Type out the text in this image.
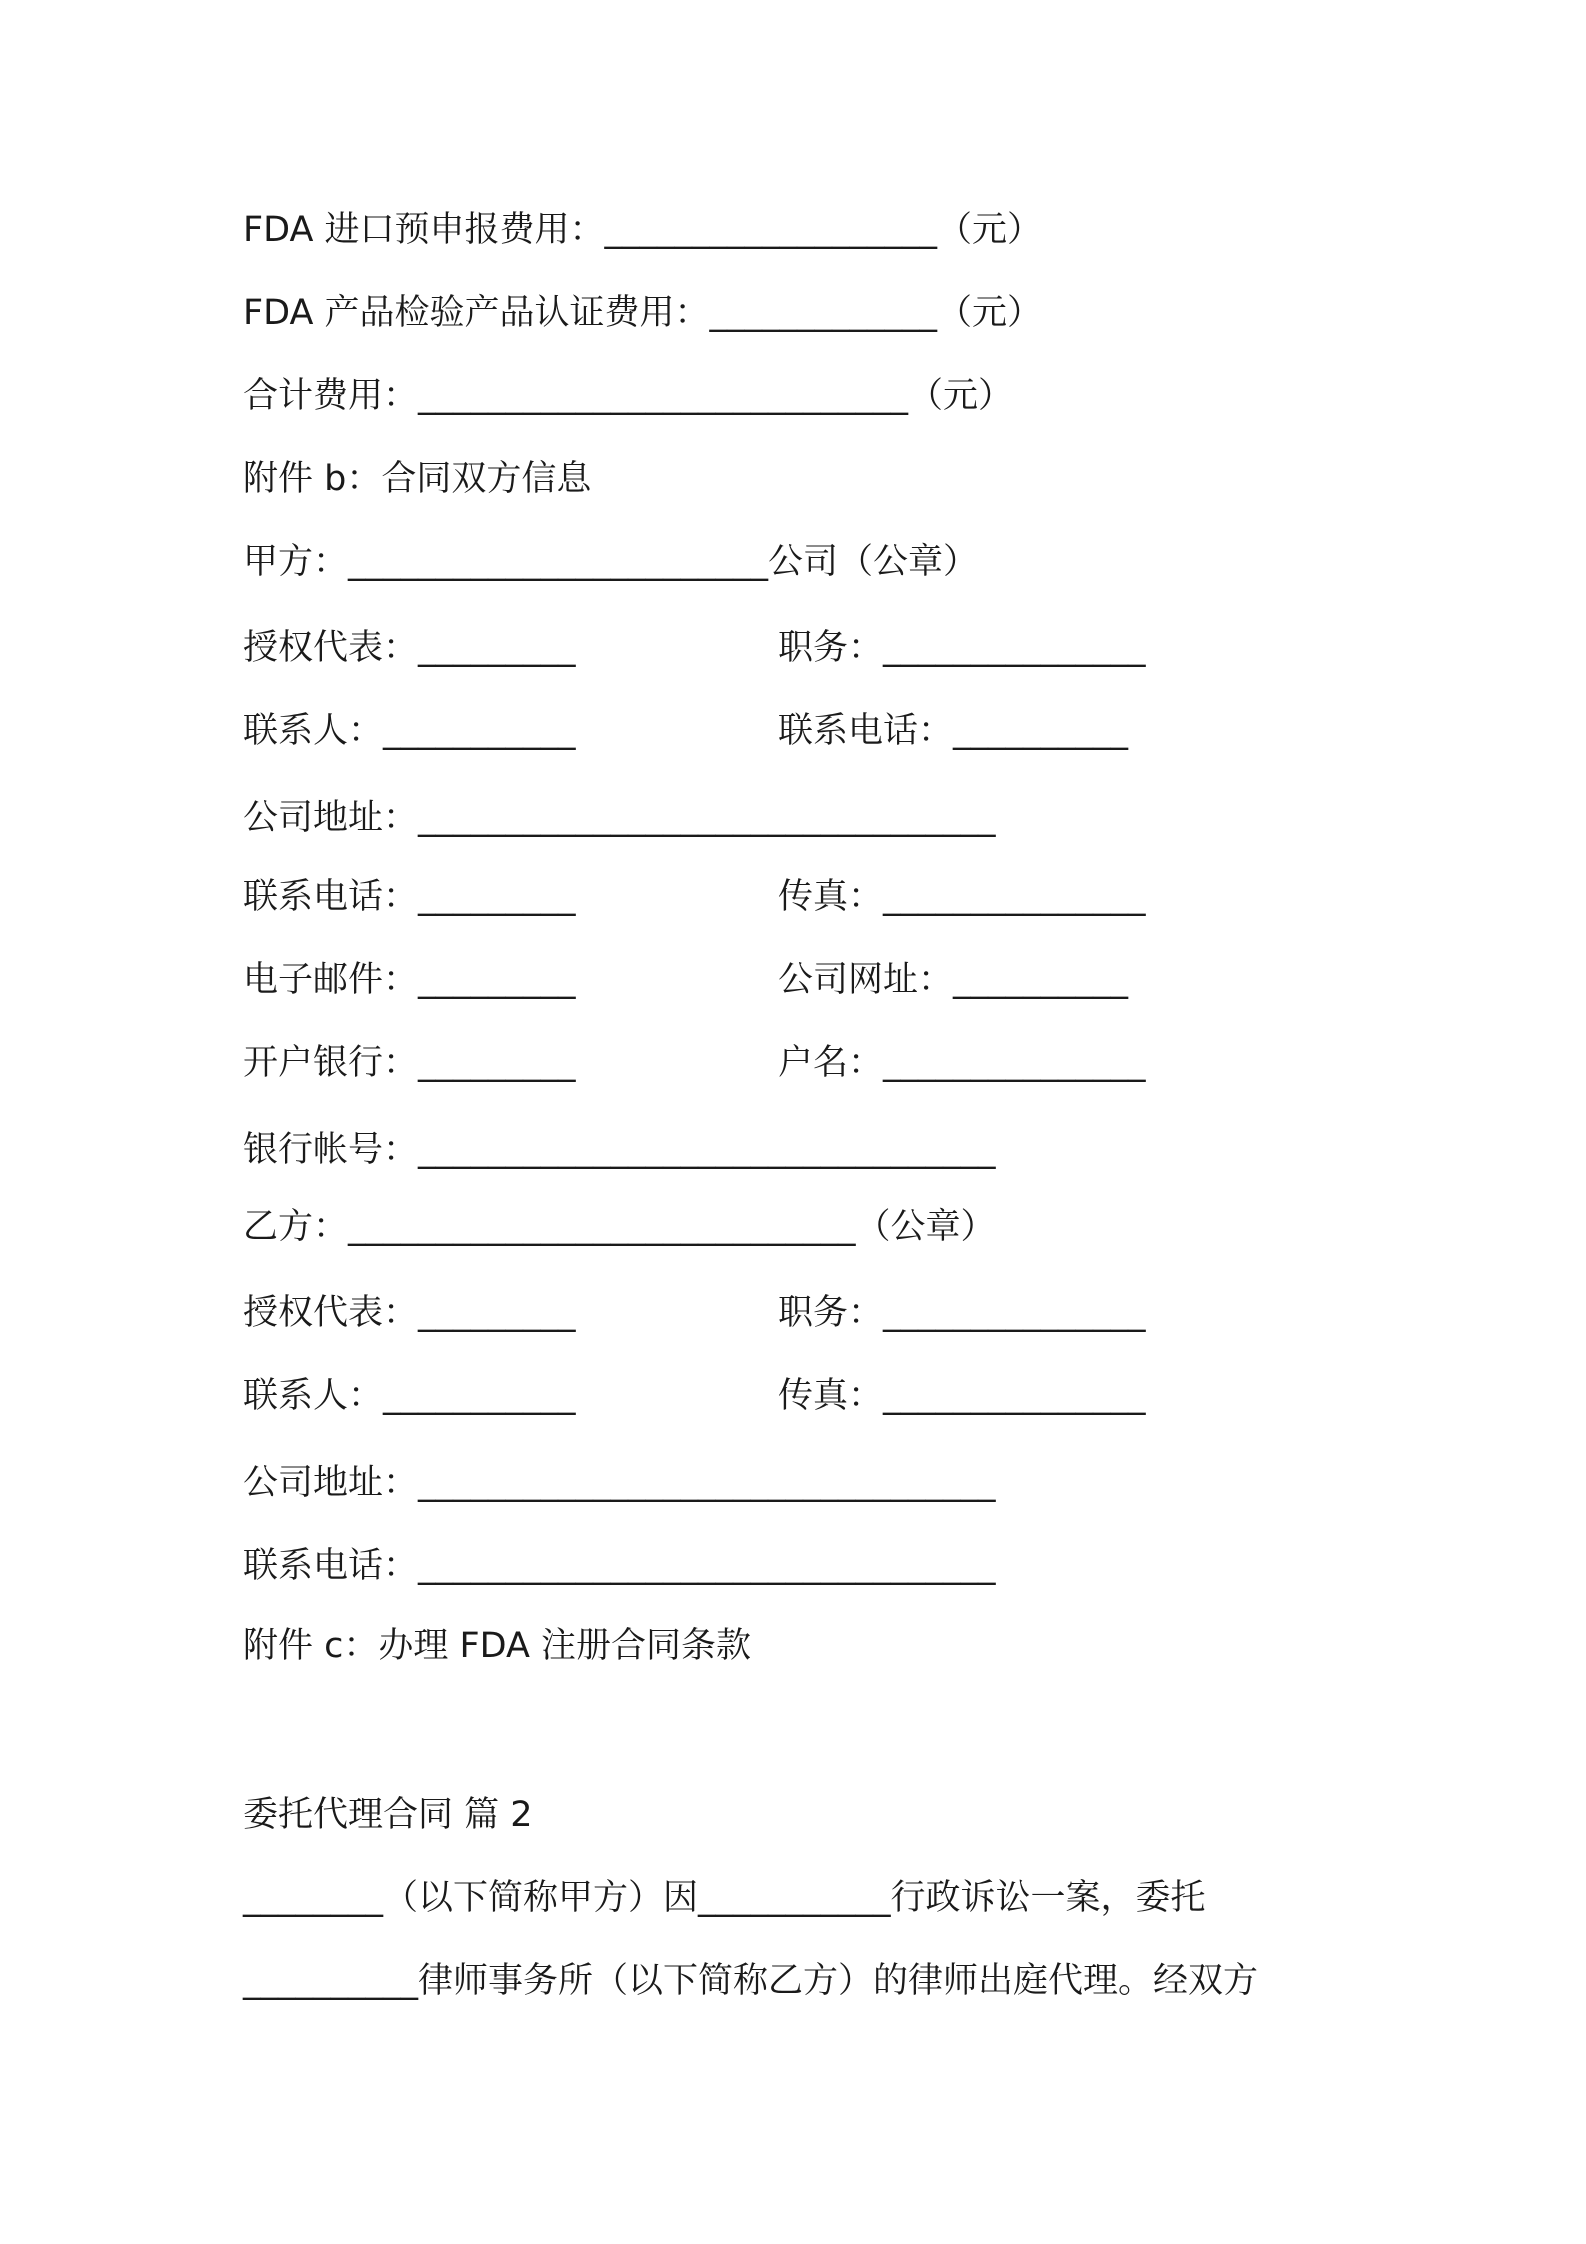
FDA 进口预申报费用：___________________（元）
FDA 产品检验产品认证费用：_____________（元）
合计费用：____________________________（元）
附件 b：合同双方信息
甲方：________________________公司（公章）
授权代表：_________	职务：_______________
联系人：___________	联系电话：__________
公司地址：_________________________________
联系电话：_________	传真：_______________
电子邮件：_________	公司网址：__________
开户银行：_________	户名：_______________
银行帐号：_________________________________
乙方：_____________________________（公章）
授权代表：_________	职务：_______________
联系人：___________	传真：_______________
公司地址：_________________________________
联系电话：_________________________________
附件 c：办理 FDA 注册合同条款
委托代理合同 篇 2
________（以下简称甲方）因___________行政诉讼一案，委托
__________律师事务所（以下简称乙方）的律师出庭代理。经双方
